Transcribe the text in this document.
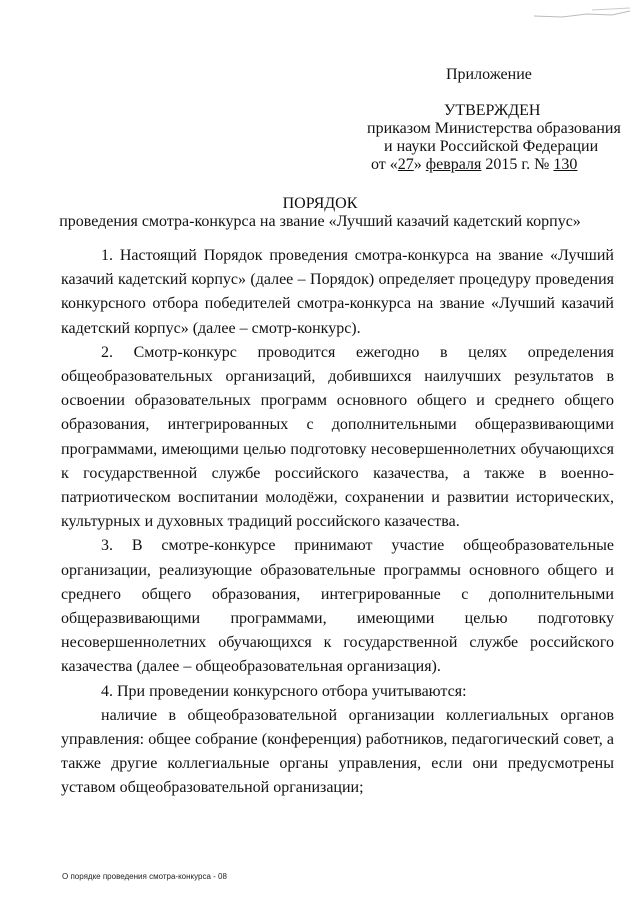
Приложение
УТВЕРЖДЕН
приказом Министерства образования
и науки Российской Федерации
от «27» февраля 2015 г. № 130
ПОРЯДОК
проведения смотра-конкурса на звание «Лучший казачий кадетский корпус»

1. Настоящий Порядок проведения смотра-конкурса на звание «Лучший казачий кадетский корпус» (далее – Порядок) определяет процедуру проведения конкурсного отбора победителей смотра-конкурса на звание «Лучший казачий кадетский корпус» (далее – смотр-конкурс).

2. Смотр-конкурс проводится ежегодно в целях определения общеобразовательных организаций, добившихся наилучших результатов в освоении образовательных программ основного общего и среднего общего образования, интегрированных с дополнительными общеразвивающими программами, имеющими целью подготовку несовершеннолетних обучающихся к государственной службе российского казачества, а также в военно-патриотическом воспитании молодёжи, сохранении и развитии исторических, культурных и духовных традиций российского казачества.

3. В смотре-конкурсе принимают участие общеобразовательные организации, реализующие образовательные программы основного общего и среднего общего образования, интегрированные с дополнительными общеразвивающими программами, имеющими целью подготовку несовершеннолетних обучающихся к государственной службе российского казачества (далее – общеобразовательная организация).

4. При проведении конкурсного отбора учитываются:

наличие в общеобразовательной организации коллегиальных органов управления: общее собрание (конференция) работников, педагогический совет, а также другие коллегиальные органы управления, если они предусмотрены уставом общеобразовательной организации;

О порядке проведения смотра-конкурса - 08
